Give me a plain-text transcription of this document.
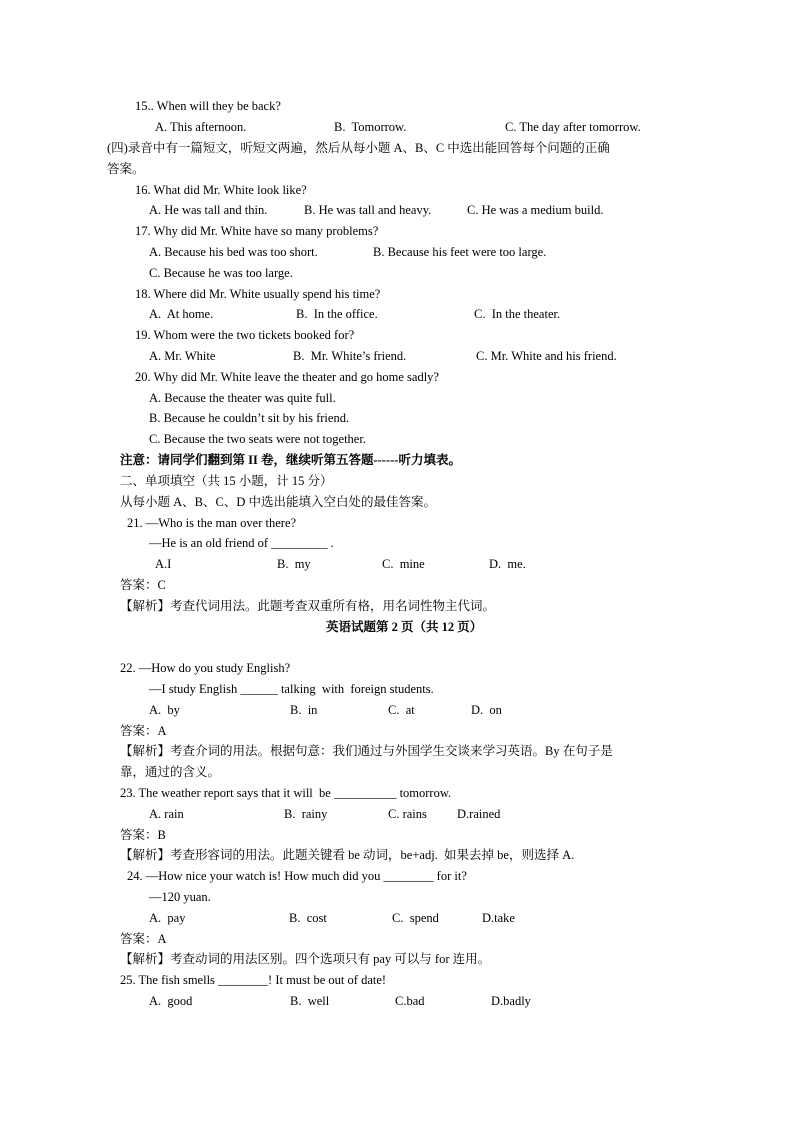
15.. When will they be back?
A. This afternoon.	B.  Tomorrow.	C. The day after tomorrow.
(四)录音中有一篇短文，听短文两遍，然后从每小题 A、B、C 中选出能回答每个问题的正确
答案。
16. What did Mr. White look like?
A. He was tall and thin.	B. He was tall and heavy.	C. He was a medium build.
17. Why did Mr. White have so many problems?
A. Because his bed was too short.	B. Because his feet were too large.
C. Because he was too large.
18. Where did Mr. White usually spend his time?
A.  At home.	B.  In the office.	C.  In the theater.
19. Whom were the two tickets booked for?
A. Mr. White	B.  Mr. White’s friend.	C. Mr. White and his friend.
20. Why did Mr. White leave the theater and go home sadly?
A. Because the theater was quite full.
B. Because he couldn’t sit by his friend.
C. Because the two seats were not together.
注意：请同学们翻到第 II 卷，继续听第五答题------听力填表。
二、单项填空（共 15 小题，计 15 分）
从每小题 A、B、C、D 中选出能填入空白处的最佳答案。
21. —Who is the man over there?
—He is an old friend of _________ .
A.I	B.  my	C.  mine	D.  me.
答案：C
【解析】考查代词用法。此题考查双重所有格，用名词性物主代词。
英语试题第 2 页（共 12 页）
22. —How do you study English?
—I study English ______ talking  with  foreign students.
A.  by	B.  in	C.  at	D.  on
答案：A
【解析】考查介词的用法。根据句意：我们通过与外国学生交谈来学习英语。By 在句子是
靠，通过的含义。
23. The weather report says that it will  be __________ tomorrow.
A. rain	B.  rainy	C. rains D.rained
答案：B
【解析】考查形容词的用法。此题关键看 be 动词，be+adj.  如果去掉 be，则选择 A.
24. —How nice your watch is! How much did you ________ for it?
—120 yuan.
A.  pay	B.  cost	C.  spend	D.take
答案：A
【解析】考查动词的用法区别。四个选项只有 pay 可以与 for 连用。
25. The fish smells ________! It must be out of date!
A.  good	B.  well	C.bad	D.badly
